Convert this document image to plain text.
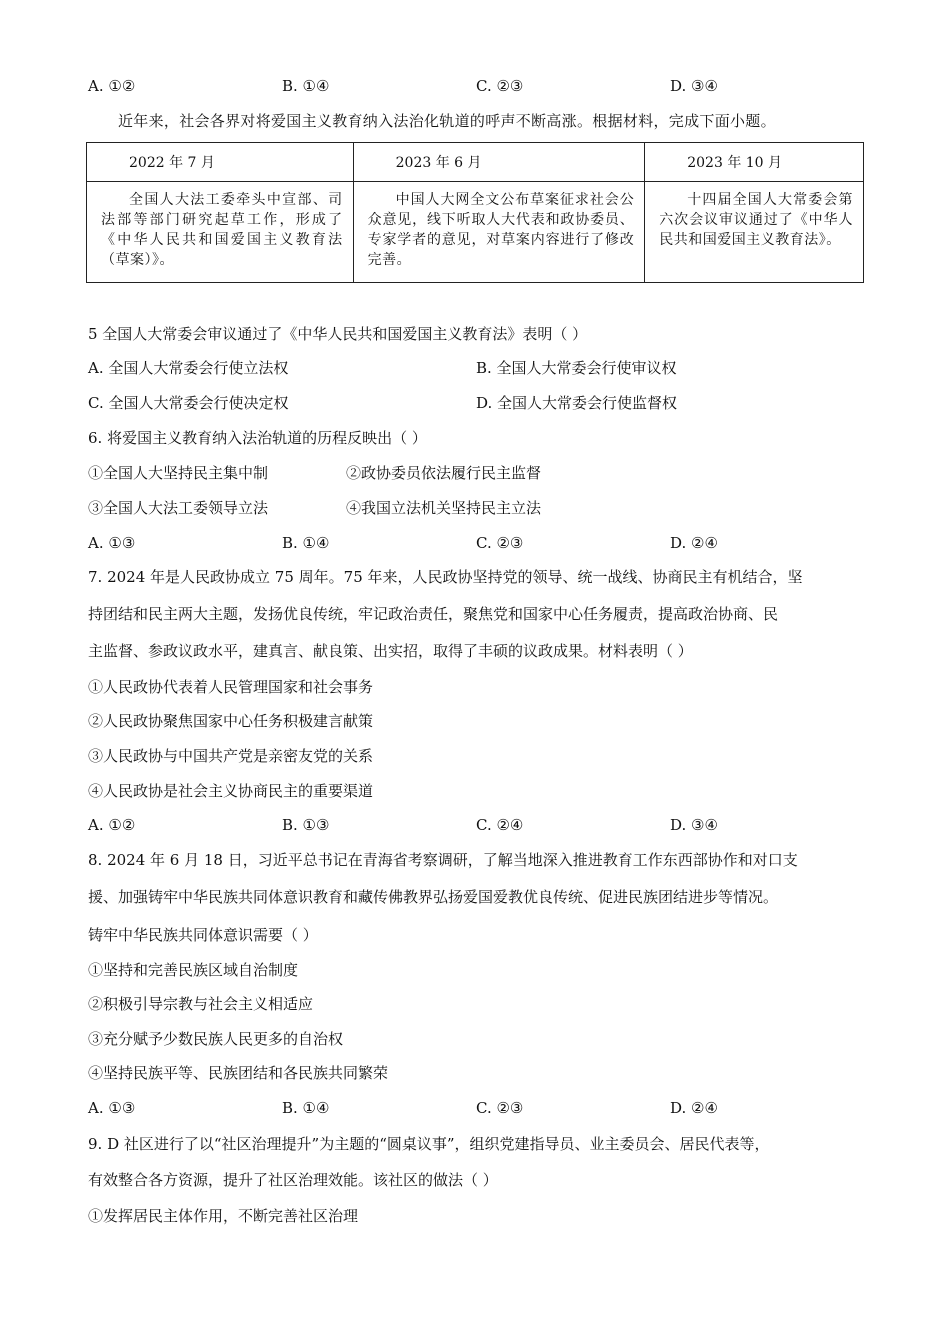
A. ①②	B. ①④	C. ②③	D. ③④
近年来，社会各界对将爱国主义教育纳入法治化轨道的呼声不断高涨。根据材料，完成下面小题。
2022 年 7 月	2023 年 6 月	2023 年 10 月
全国人大法工委牵头中宣部、司法部等部门研究起草工作，形成了《中华人民共和国爱国主义教育法（草案）》。	中国人大网全文公布草案征求社会公众意见，线下听取人大代表和政协委员、专家学者的意见，对草案内容进行了修改完善。	十四届全国人大常委会第六次会议审议通过了《中华人民共和国爱国主义教育法》。
5 全国人大常委会审议通过了《中华人民共和国爱国主义教育法》表明（ ）
A. 全国人大常委会行使立法权	B. 全国人大常委会行使审议权
C. 全国人大常委会行使决定权	D. 全国人大常委会行使监督权
6. 将爱国主义教育纳入法治轨道的历程反映出（ ）
①全国人大坚持民主集中制	②政协委员依法履行民主监督
③全国人大法工委领导立法	④我国立法机关坚持民主立法
A. ①③	B. ①④	C. ②③	D. ②④
7. 2024 年是人民政协成立 75 周年。75 年来，人民政协坚持党的领导、统一战线、协商民主有机结合，坚
持团结和民主两大主题，发扬优良传统，牢记政治责任，聚焦党和国家中心任务履责，提高政治协商、民
主监督、参政议政水平，建真言、献良策、出实招，取得了丰硕的议政成果。材料表明（ ）
①人民政协代表着人民管理国家和社会事务
②人民政协聚焦国家中心任务积极建言献策
③人民政协与中国共产党是亲密友党的关系
④人民政协是社会主义协商民主的重要渠道
A. ①②	B. ①③	C. ②④	D. ③④
8. 2024 年 6 月 18 日，习近平总书记在青海省考察调研，了解当地深入推进教育工作东西部协作和对口支
援、加强铸牢中华民族共同体意识教育和藏传佛教界弘扬爱国爱教优良传统、促进民族团结进步等情况。
铸牢中华民族共同体意识需要（ ）
①坚持和完善民族区域自治制度
②积极引导宗教与社会主义相适应
③充分赋予少数民族人民更多的自治权
④坚持民族平等、民族团结和各民族共同繁荣
A. ①③	B. ①④	C. ②③	D. ②④
9. D 社区进行了以“社区治理提升”为主题的“圆桌议事”，组织党建指导员、业主委员会、居民代表等，
有效整合各方资源，提升了社区治理效能。该社区的做法（ ）
①发挥居民主体作用，不断完善社区治理
